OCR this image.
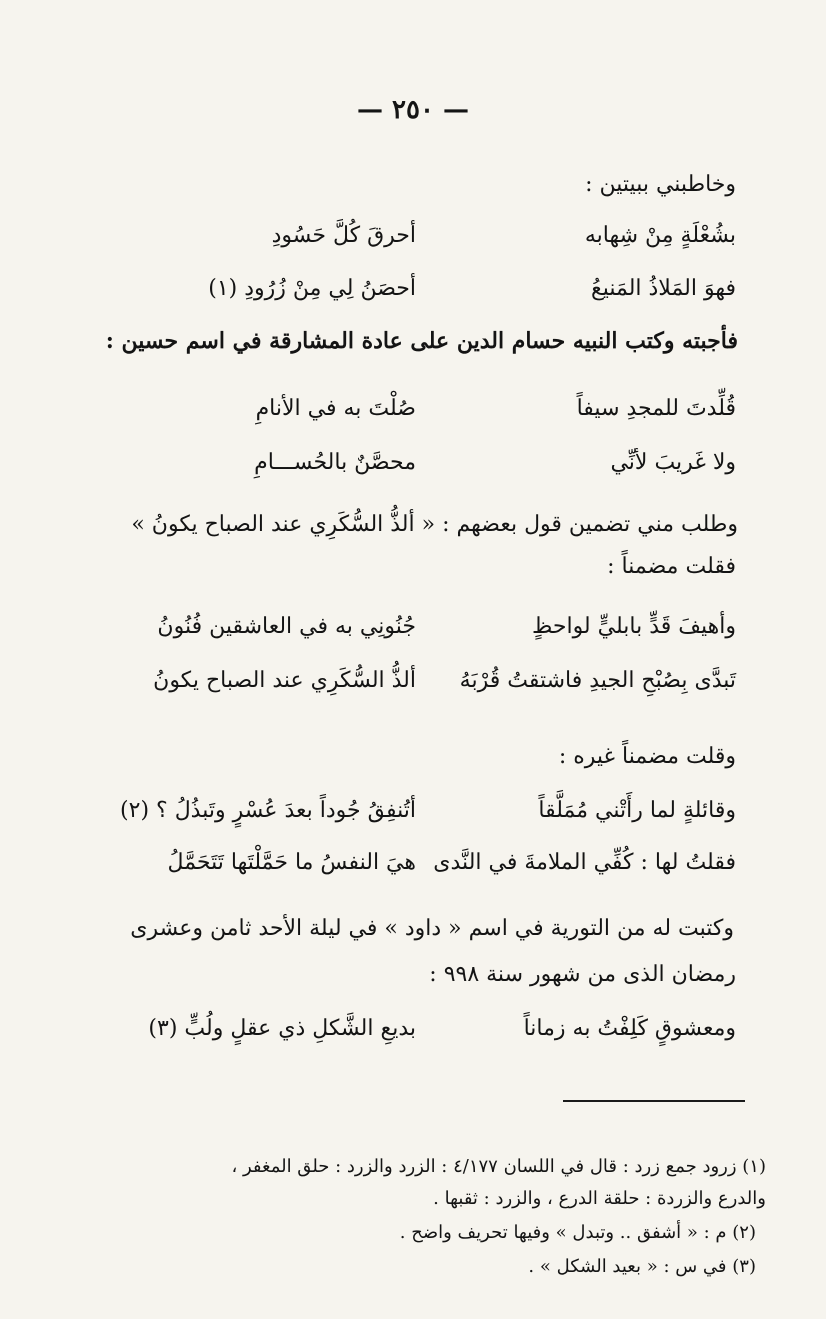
— ٢٥٠ —
وخاطبني ببيتين :
بشُعْلَةٍ مِنْ شِهابه
أحرقَ كُلَّ حَسُودِ
فهوَ المَلاذُ المَنيعُ
أحصَنُ لِي مِنْ زُرُودِ (١)
فأجبته وكتب النبيه حسام الدين على عادة المشارقة في اسم حسين :
قُلِّدتَ للمجدِ سيفاً
صُلْتَ به في الأنامِ
ولا غَريبَ لأنِّي
محصَّنٌ بالحُســـامِ
وطلب مني تضمين قول بعضهم : « ألذُّ السُّكَرِي عند الصباح يكونُ »
فقلت مضمناً :
وأهيفَ قَدٍّ بابليٍّ لواحظٍ
جُنُونِي به في العاشقين فُنُونُ
تَبدَّى بِصُبْحِ الجيدِ فاشتقتُ قُرْبَهُ
ألذُّ السُّكَرِي عند الصباح يكونُ
وقلت مضمناً غيره :
وقائلةٍ لما رأَتْني مُمَلَّقاً
أتُنفِقُ جُوداً بعدَ عُسْرٍ وتَبذُلُ ؟ (٢)
فقلتُ لها : كُفِّي الملامةَ في النَّدى
هيَ النفسُ ما حَمَّلْتَها تَتَحَمَّلُ
وكتبت له من التورية في اسم « داود » في ليلة الأحد ثامن وعشرى
رمضان الذى من شهور سنة ٩٩٨ :
ومعشوقٍ كَلِفْتُ به زماناً
بديعِ الشَّكلِ ذي عقلٍ ولُبٍّ (٣)
(١) زرود جمع زرد : قال في اللسان ٤/١٧٧ : الزرد والزرد : حلق المغفر ،
والدرع والزردة : حلقة الدرع ، والزرد : ثقبها .
(٢) م : « أشفق .. وتبدل » وفيها تحريف واضح .
(٣) في س : « بعيد الشكل » .
